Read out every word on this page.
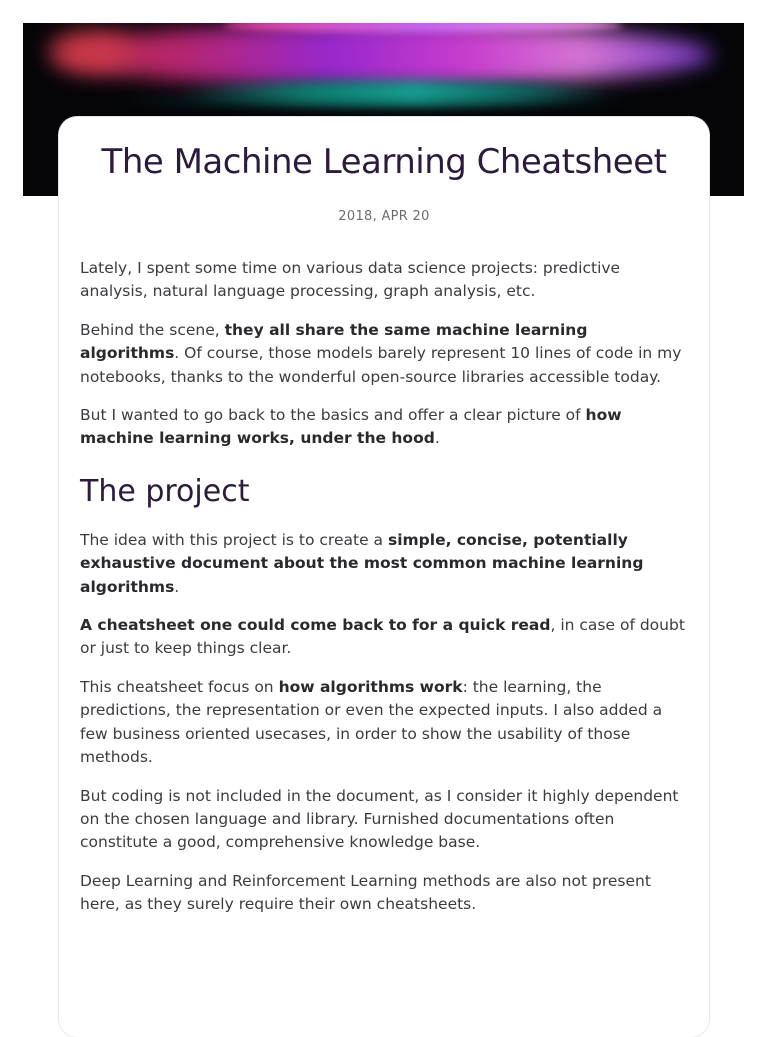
The Machine Learning Cheatsheet
2018, APR 20

Lately, I spent some time on various data science projects: predictive analysis, natural language processing, graph analysis, etc.

Behind the scene, they all share the same machine learning algorithms. Of course, those models barely represent 10 lines of code in my notebooks, thanks to the wonderful open-source libraries accessible today.

But I wanted to go back to the basics and offer a clear picture of how machine learning works, under the hood.

The project

The idea with this project is to create a simple, concise, potentially exhaustive document about the most common machine learning algorithms.

A cheatsheet one could come back to for a quick read, in case of doubt or just to keep things clear.

This cheatsheet focus on how algorithms work: the learning, the predictions, the representation or even the expected inputs. I also added a few business oriented usecases, in order to show the usability of those methods.

But coding is not included in the document, as I consider it highly dependent on the chosen language and library. Furnished documentations often constitute a good, comprehensive knowledge base.

Deep Learning and Reinforcement Learning methods are also not present here, as they surely require their own cheatsheets.
